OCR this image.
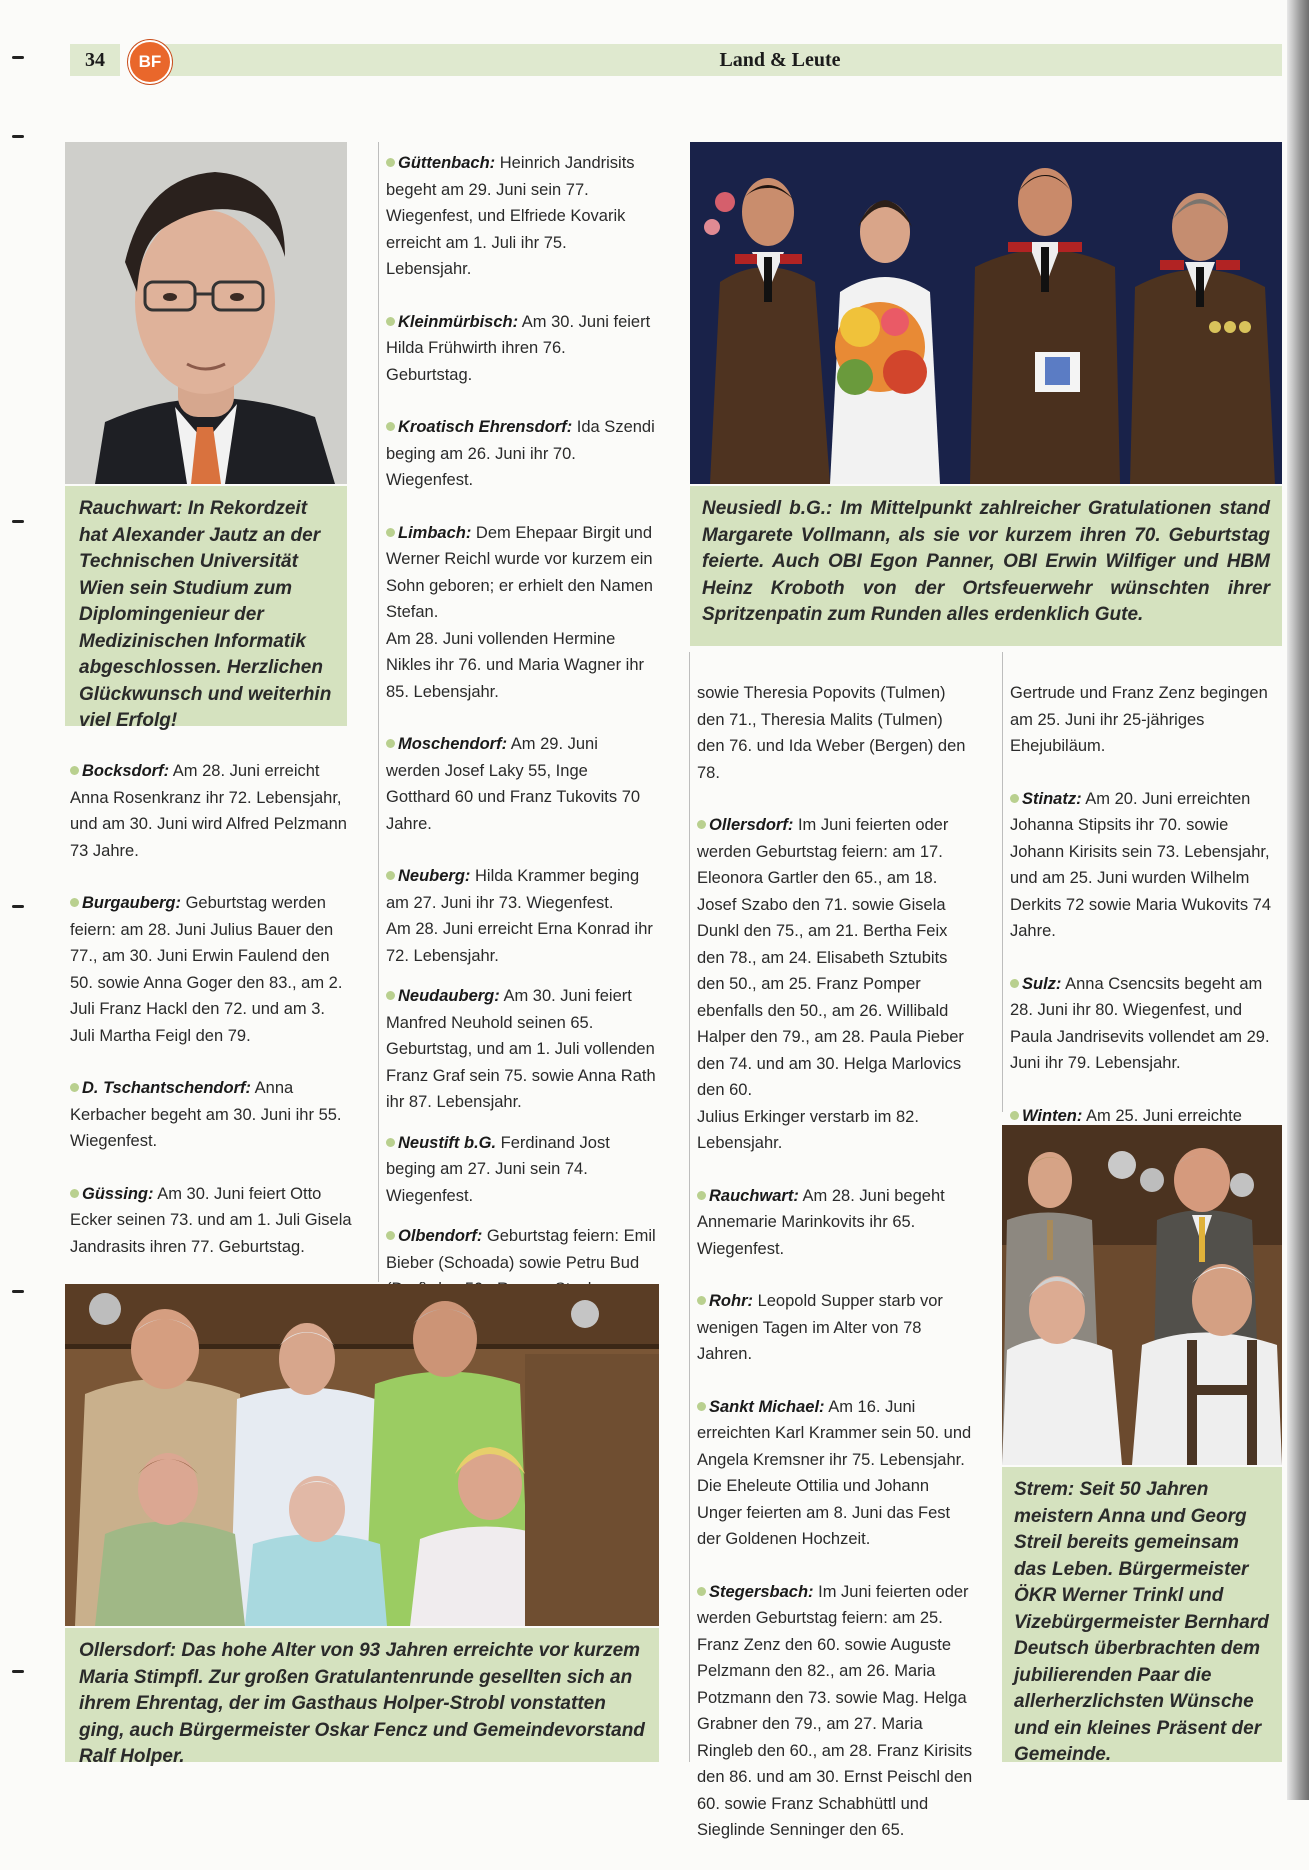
34	BF	Land & Leute
Rauchwart: In Rekordzeit hat Alexander Jautz an der Technischen Universität Wien sein Studium zum Diplomingenieur der Medizinischen Informatik abgeschlossen. Herzlichen Glückwunsch und weiterhin viel Erfolg!
Neusiedl b.G.: Im Mittelpunkt zahlreicher Gratulationen stand Margarete Vollmann, als sie vor kurzem ihren 70. Geburtstag feierte. Auch OBI Egon Panner, OBI Erwin Wilfiger und HBM Heinz Kroboth von der Ortsfeuerwehr wünschten ihrer Spritzenpatin zum Runden alles erdenklich Gute.
Bocksdorf: Am 28. Juni erreicht Anna Rosenkranz ihr 72. Lebensjahr, und am 30. Juni wird Alfred Pelzmann 73 Jahre.
Burgauberg: Geburtstag werden feiern: am 28. Juni Julius Bauer den 77., am 30. Juni Erwin Faulend den 50. sowie Anna Goger den 83., am 2. Juli Franz Hackl den 72. und am 3. Juli Martha Feigl den 79.
D. Tschantschendorf: Anna Kerbacher begeht am 30. Juni ihr 55. Wiegenfest.
Güssing: Am 30. Juni feiert Otto Ecker seinen 73. und am 1. Juli Gisela Jandrasits ihren 77. Geburtstag.
Güttenbach: Heinrich Jandrisits begeht am 29. Juni sein 77. Wiegenfest, und Elfriede Kovarik erreicht am 1. Juli ihr 75. Lebensjahr.
Kleinmürbisch: Am 30. Juni feiert Hilda Frühwirth ihren 76. Geburtstag.
Kroatisch Ehrensdorf: Ida Szendi beging am 26. Juni ihr 70. Wiegenfest.
Limbach: Dem Ehepaar Birgit und Werner Reichl wurde vor kurzem ein Sohn geboren; er erhielt den Namen Stefan.
Am 28. Juni vollenden Hermine Nikles ihr 76. und Maria Wagner ihr 85. Lebensjahr.
Moschendorf: Am 29. Juni werden Josef Laky 55, Inge Gotthard 60 und Franz Tukovits 70 Jahre.
Neuberg: Hilda Krammer beging am 27. Juni ihr 73. Wiegenfest.
Am 28. Juni erreicht Erna Konrad ihr 72. Lebensjahr.
Neudauberg: Am 30. Juni feiert Manfred Neuhold seinen 65. Geburtstag, und am 1. Juli vollenden Franz Graf sein 75. sowie Anna Rath ihr 87. Lebensjahr.
Neustift b.G. Ferdinand Jost beging am 27. Juni sein 74. Wiegenfest.
Olbendorf: Geburtstag feiern: Emil Bieber (Schoada) sowie Petru Bud
sowie Theresia Popovits (Tulmen) den 71., Theresia Malits (Tulmen) den 76. und Ida Weber (Bergen) den 78.
Ollersdorf: Im Juni feierten oder werden Geburtstag feiern: am 17. Eleonora Gartler den 65., am 18. Josef Szabo den 71. sowie Gisela Dunkl den 75., am 21. Bertha Feix den 78., am 24. Elisabeth Sztubits den 50., am 25. Franz Pomper ebenfalls den 50., am 26. Willibald Halper den 79., am 28. Paula Pieber den 74. und am 30. Helga Marlovics den 60.
Julius Erkinger verstarb im 82. Lebensjahr.
Rauchwart: Am 28. Juni begeht Annemarie Marinkovits ihr 65. Wiegenfest.
Rohr: Leopold Supper starb vor wenigen Tagen im Alter von 78 Jahren.
Sankt Michael: Am 16. Juni erreichten Karl Krammer sein 50. und Angela Kremsner ihr 75. Lebensjahr.
Die Eheleute Ottilia und Johann Unger feierten am 8. Juni das Fest der Goldenen Hochzeit.
Stegersbach: Im Juni feierten oder werden Geburtstag feiern: am 25. Franz Zenz den 60. sowie Auguste Pelzmann den 82., am 26. Maria Potzmann den 73. sowie Mag. Helga Grabner den 79., am 27. Maria Ringleb den 60., am 28. Franz Kirisits den 86. und am 30. Ernst Peischl den 60. sowie Franz Schabhüttl und Sieglinde Senninger den 65.
Gertrude und Franz Zenz begingen am 25. Juni ihr 25-jähriges Ehejubiläum.
Stinatz: Am 20. Juni erreichten Johanna Stipsits ihr 70. sowie Johann Kirisits sein 73. Lebensjahr, und am 25. Juni wurden Wilhelm Derkits 72 sowie Maria Wukovits 74 Jahre.
Sulz: Anna Csencsits begeht am 28. Juni ihr 80. Wiegenfest, und Paula Jandrisevits vollendet am 29. Juni ihr 79. Lebensjahr.
Winten: Am 25. Juni erreichte
Strem: Seit 50 Jahren meistern Anna und Georg Streil bereits gemeinsam das Leben. Bürgermeister ÖKR Werner Trinkl und Vizebürgermeister Bernhard Deutsch überbrachten dem jubilierenden Paar die allerherzlichsten Wünsche und ein kleines Präsent der Gemeinde.
Ollersdorf: Das hohe Alter von 93 Jahren erreichte vor kurzem Maria Stimpfl. Zur großen Gratulantenrunde gesellten sich an ihrem Ehrentag, der im Gasthaus Holper-Strobl vonstatten ging, auch Bürgermeister Oskar Fencz und Gemeindevorstand Ralf Holper.
